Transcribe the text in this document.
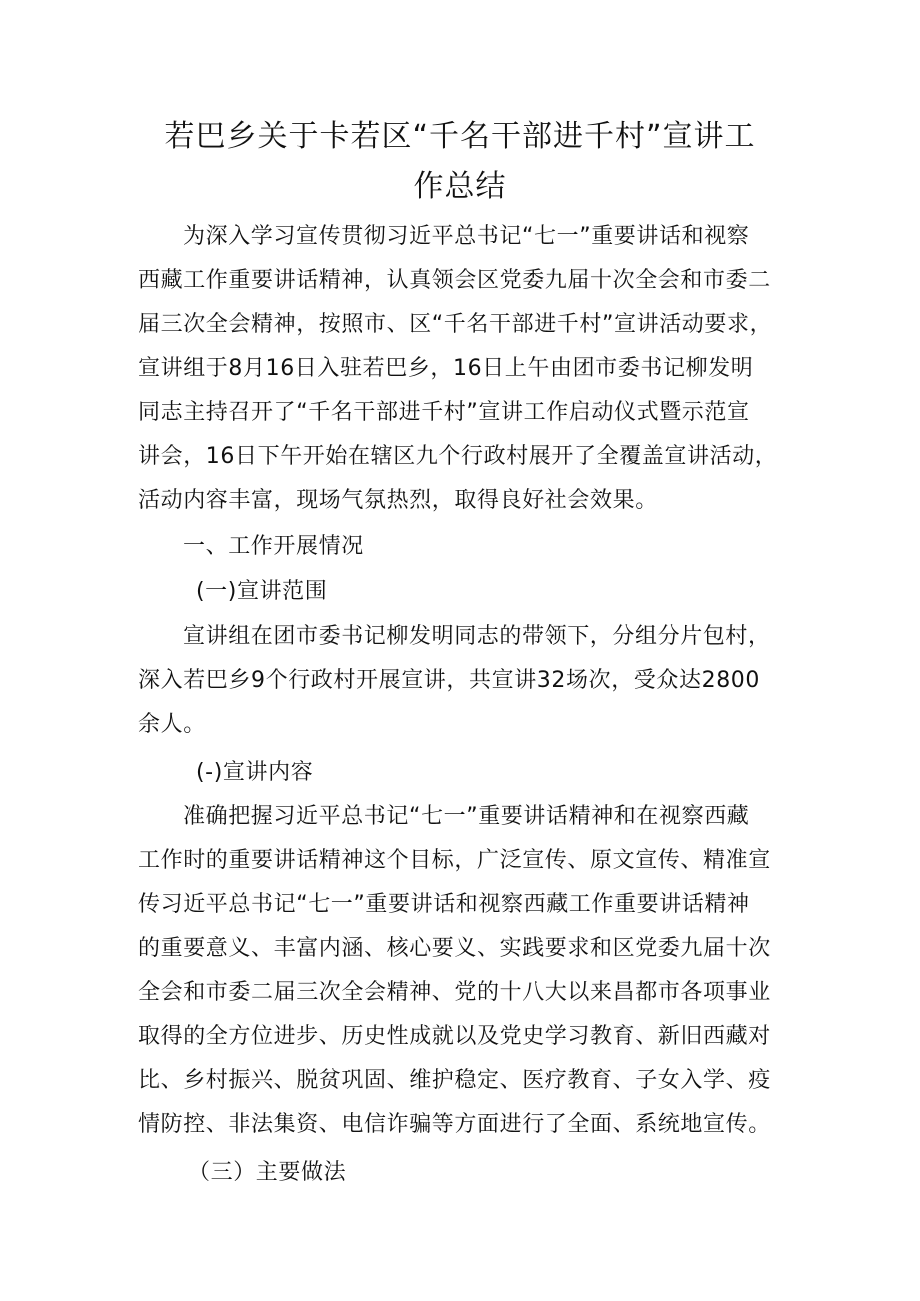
若巴乡关于卡若区“千名干部进千村”宣讲工
作总结
为深入学习宣传贯彻习近平总书记“七一”重要讲话和视察
西藏工作重要讲话精神，认真领会区党委九届十次全会和市委二
届三次全会精神，按照市、区“千名干部进千村”宣讲活动要求，
宣讲组于8月16日入驻若巴乡，16日上午由团市委书记柳发明
同志主持召开了“千名干部进千村”宣讲工作启动仪式暨示范宣
讲会，16日下午开始在辖区九个行政村展开了全覆盖宣讲活动，
活动内容丰富，现场气氛热烈，取得良好社会效果。
一、工作开展情况
(一)宣讲范围
宣讲组在团市委书记柳发明同志的带领下，分组分片包村，
深入若巴乡9个行政村开展宣讲，共宣讲32场次，受众达2800
余人。
(-)宣讲内容
准确把握习近平总书记“七一”重要讲话精神和在视察西藏
工作时的重要讲话精神这个目标，广泛宣传、原文宣传、精准宣
传习近平总书记“七一”重要讲话和视察西藏工作重要讲话精神
的重要意义、丰富内涵、核心要义、实践要求和区党委九届十次
全会和市委二届三次全会精神、党的十八大以来昌都市各项事业
取得的全方位进步、历史性成就以及党史学习教育、新旧西藏对
比、乡村振兴、脱贫巩固、维护稳定、医疗教育、子女入学、疫
情防控、非法集资、电信诈骗等方面进行了全面、系统地宣传。
（三）主要做法
